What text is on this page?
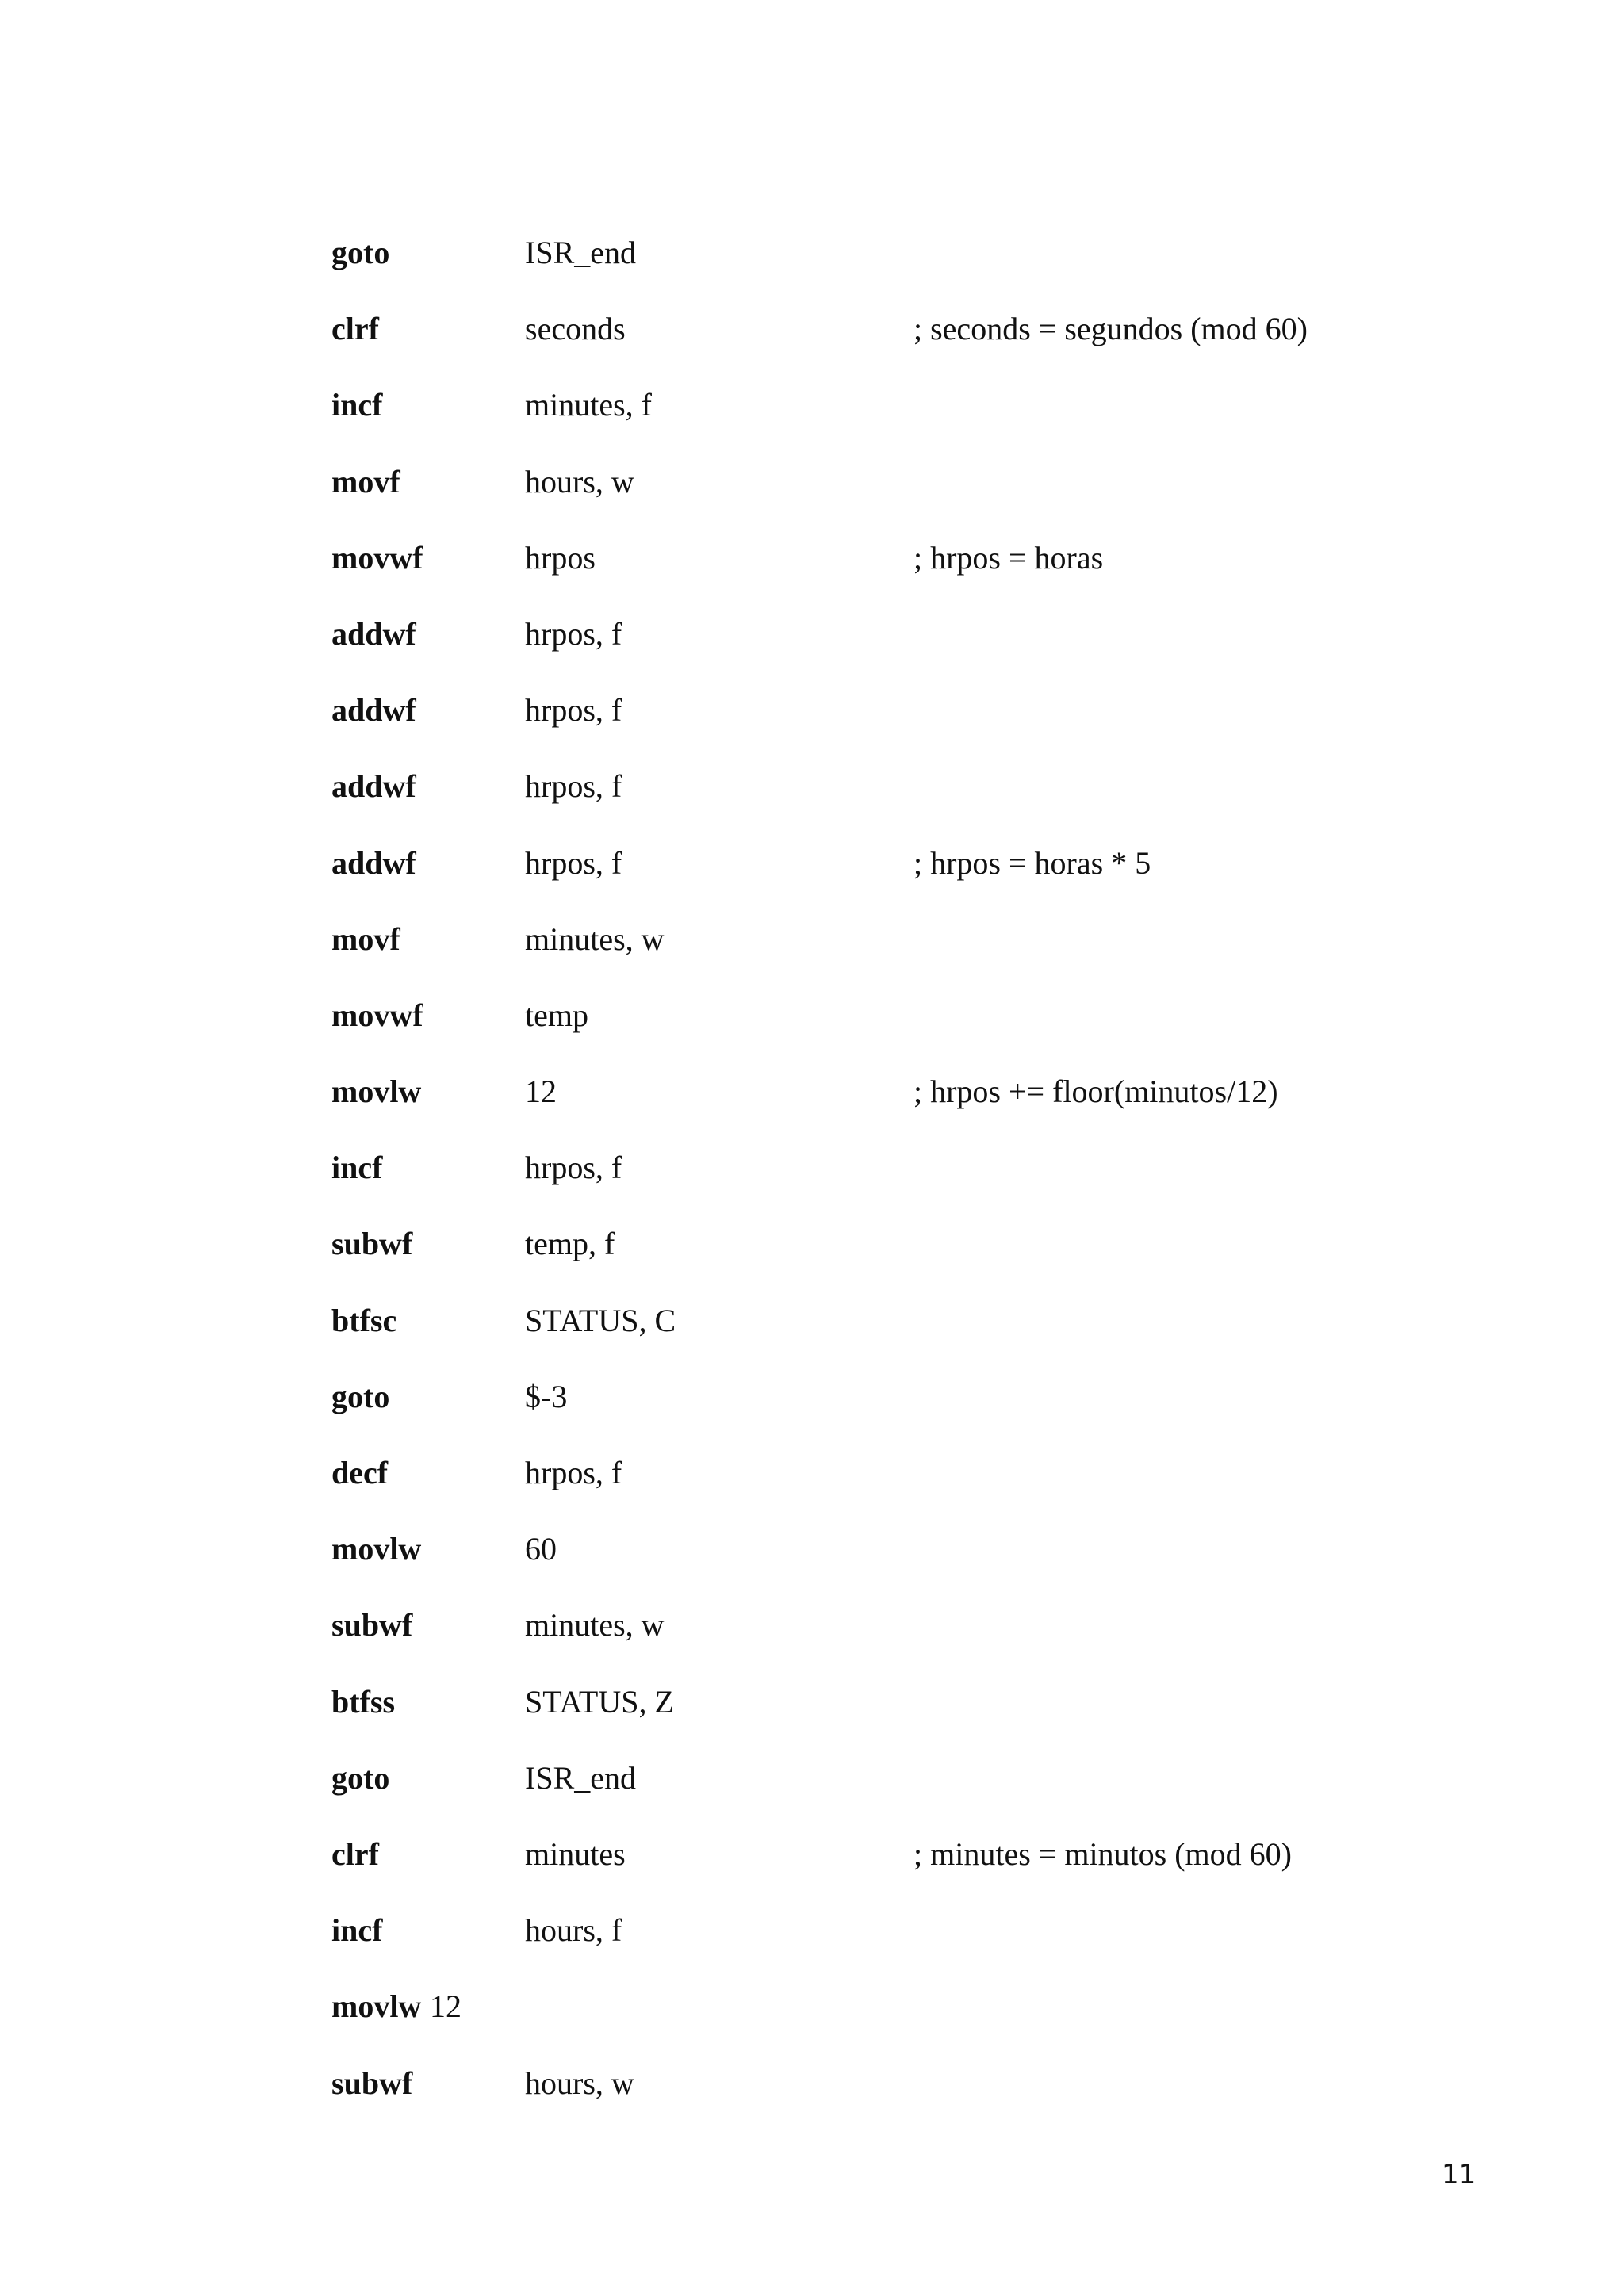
goto	ISR_end
clrf	seconds	; seconds = segundos (mod 60)
incf	minutes, f
movf	hours, w
movwf	hrpos	; hrpos = horas
addwf	hrpos, f
addwf	hrpos, f
addwf	hrpos, f
addwf	hrpos, f	; hrpos = horas * 5
movf	minutes, w
movwf	temp
movlw	12	; hrpos += floor(minutos/12)
incf	hrpos, f
subwf	temp, f
btfsc	STATUS, C
goto	$-3
decf	hrpos, f
movlw	60
subwf	minutes, w
btfss	STATUS, Z
goto	ISR_end
clrf	minutes	; minutes = minutos (mod 60)
incf	hours, f
movlw 12
subwf	hours, w
11
